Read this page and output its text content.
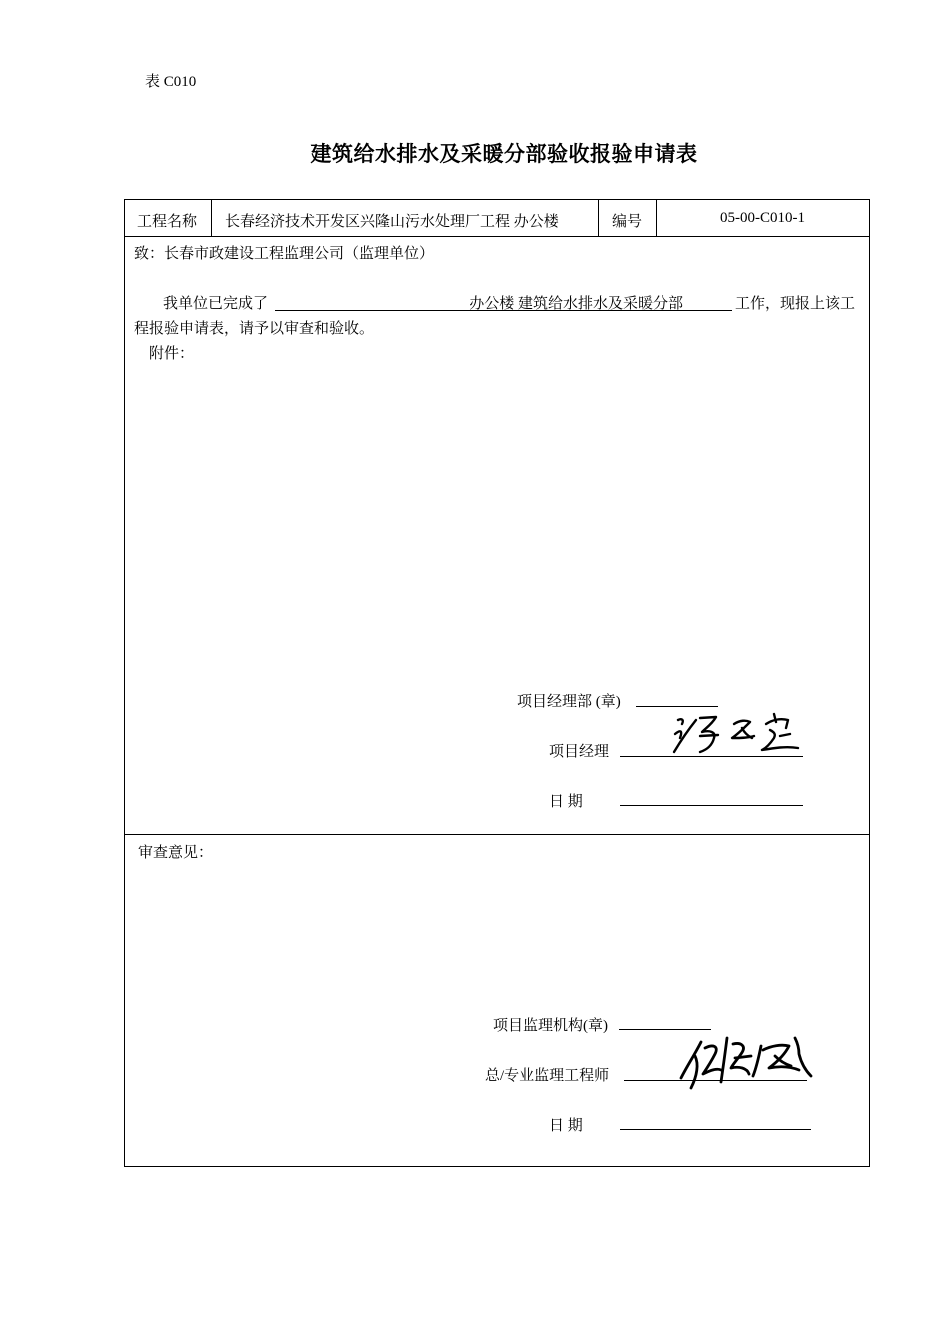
表 C010
建筑给水排水及采暖分部验收报验申请表
工程名称 长春经济技术开发区兴隆山污水处理厂工程 办公楼	编号	05-00-C010-1
致：长春市政建设工程监理公司（监理单位）
我单位已完成了	办公楼 建筑给水排水及采暖分部	工作，现报上该工
程报验申请表，请予以审查和验收。
附件：
项目经理部 (章)
项目经理
日 期
审查意见：
项目监理机构(章)
总/专业监理工程师
日 期
